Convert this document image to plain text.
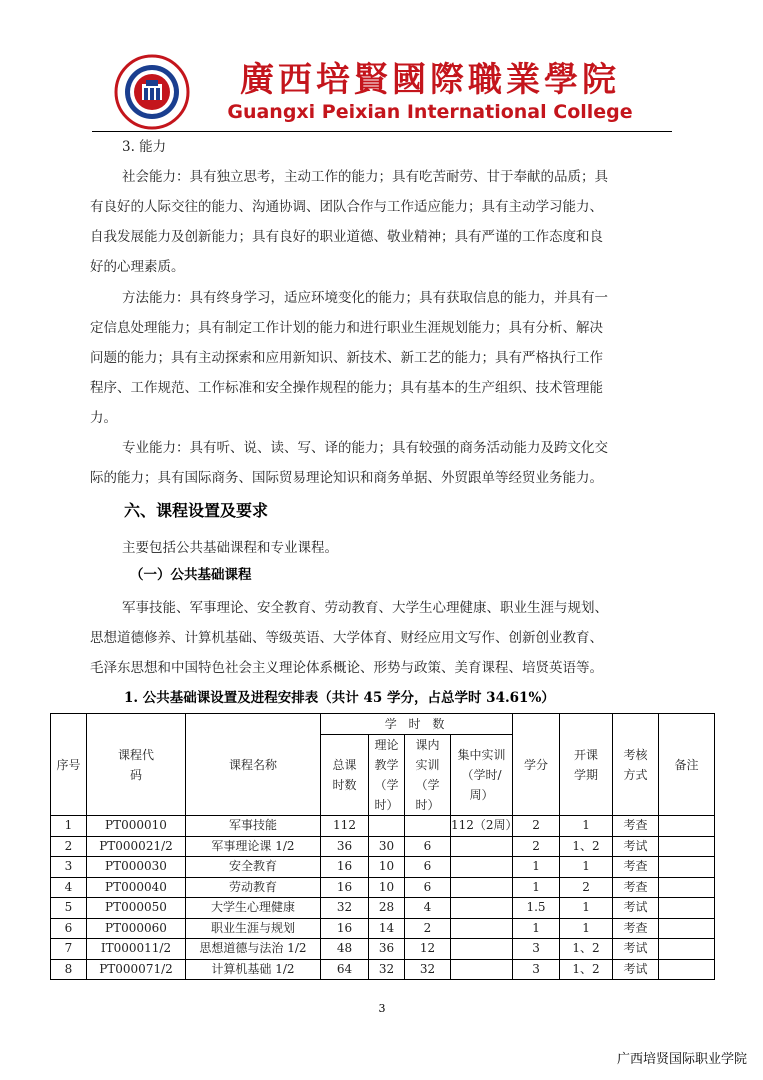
廣西培賢國際職業學院
Guangxi Peixian International College
3. 能力
社会能力：具有独立思考，主动工作的能力；具有吃苦耐劳、甘于奉献的品质；具
有良好的人际交往的能力、沟通协调、团队合作与工作适应能力；具有主动学习能力、
自我发展能力及创新能力；具有良好的职业道德、敬业精神；具有严谨的工作态度和良
好的心理素质。
方法能力：具有终身学习，适应环境变化的能力；具有获取信息的能力，并具有一
定信息处理能力；具有制定工作计划的能力和进行职业生涯规划能力；具有分析、解决
问题的能力；具有主动探索和应用新知识、新技术、新工艺的能力；具有严格执行工作
程序、工作规范、工作标准和安全操作规程的能力；具有基本的生产组织、技术管理能
力。
专业能力：具有听、说、读、写、译的能力；具有较强的商务活动能力及跨文化交
际的能力；具有国际商务、国际贸易理论知识和商务单据、外贸跟单等经贸业务能力。
六、课程设置及要求
主要包括公共基础课程和专业课程。
（一）公共基础课程
军事技能、军事理论、安全教育、劳动教育、大学生心理健康、职业生涯与规划、
思想道德修养、计算机基础、等级英语、大学体育、财经应用文写作、创新创业教育、
毛泽东思想和中国特色社会主义理论体系概论、形势与政策、美育课程、培贤英语等。
1. 公共基础课设置及进程安排表（共计 45 学分，占总学时 34.61%）
序号	课程代码	课程名称	学 时 数				学分	开课学期	考核方式	备注
			总课时数	理论教学（学时）	课内实训（学时）	集中实训（学时/周）				
1	PT000010	军事技能	112			112（2周）	2	1	考查	
2	PT000021/2	军事理论课 1/2	36	30	6		2	1、2	考试	
3	PT000030	安全教育	16	10	6		1	1	考查	
4	PT000040	劳动教育	16	10	6		1	2	考查	
5	PT000050	大学生心理健康	32	28	4		1.5	1	考试	
6	PT000060	职业生涯与规划	16	14	2		1	1	考查	
7	IT000011/2	思想道德与法治 1/2	48	36	12		3	1、2	考试	
8	PT000071/2	计算机基础 1/2	64	32	32		3	1、2	考试	
3
广西培贤国际职业学院
